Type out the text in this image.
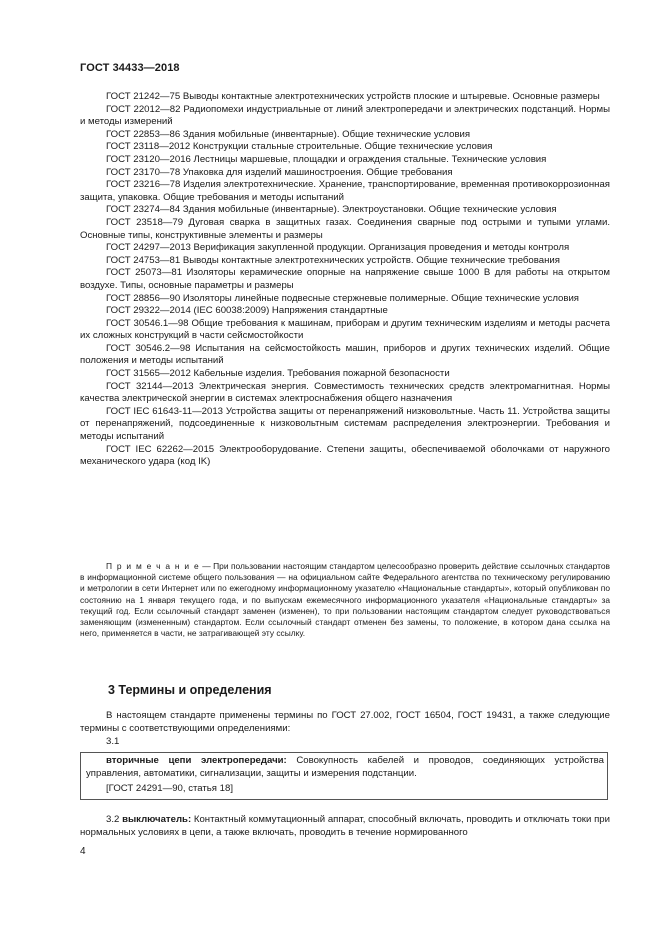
ГОСТ 34433—2018

ГОСТ 21242—75 Выводы контактные электротехнических устройств плоские и штыревые. Основные размеры

ГОСТ 22012—82 Радиопомехи индустриальные от линий электропередачи и электрических подстанций. Нормы и методы измерений

ГОСТ 22853—86 Здания мобильные (инвентарные). Общие технические условия

ГОСТ 23118—2012 Конструкции стальные строительные. Общие технические условия

ГОСТ 23120—2016 Лестницы маршевые, площадки и ограждения стальные. Технические условия

ГОСТ 23170—78 Упаковка для изделий машиностроения. Общие требования

ГОСТ 23216—78 Изделия электротехнические. Хранение, транспортирование, временная противокоррозионная защита, упаковка. Общие требования и методы испытаний

ГОСТ 23274—84 Здания мобильные (инвентарные). Электроустановки. Общие технические условия

ГОСТ 23518—79 Дуговая сварка в защитных газах. Соединения сварные под острыми и тупыми углами. Основные типы, конструктивные элементы и размеры

ГОСТ 24297—2013 Верификация закупленной продукции. Организация проведения и методы контроля

ГОСТ 24753—81 Выводы контактные электротехнических устройств. Общие технические требования

ГОСТ 25073—81 Изоляторы керамические опорные на напряжение свыше 1000 В для работы на открытом воздухе. Типы, основные параметры и размеры

ГОСТ 28856—90 Изоляторы линейные подвесные стержневые полимерные. Общие технические условия

ГОСТ 29322—2014 (IEC 60038:2009) Напряжения стандартные

ГОСТ 30546.1—98 Общие требования к машинам, приборам и другим техническим изделиям и методы расчета их сложных конструкций в части сейсмостойкости

ГОСТ 30546.2—98 Испытания на сейсмостойкость машин, приборов и других технических изделий. Общие положения и методы испытаний

ГОСТ 31565—2012 Кабельные изделия. Требования пожарной безопасности

ГОСТ 32144—2013 Электрическая энергия. Совместимость технических средств электромагнитная. Нормы качества электрической энергии в системах электроснабжения общего назначения

ГОСТ IEC 61643-11—2013 Устройства защиты от перенапряжений низковольтные. Часть 11. Устройства защиты от перенапряжений, подсоединенные к низковольтным системам распределения электроэнергии. Требования и методы испытаний

ГОСТ IEC 62262—2015 Электрооборудование. Степени защиты, обеспечиваемой оболочками от наружного механического удара (код IK)

П р и м е ч а н и е — При пользовании настоящим стандартом целесообразно проверить действие ссылочных стандартов в информационной системе общего пользования — на официальном сайте Федерального агентства по техническому регулированию и метрологии в сети Интернет или по ежегодному информационному указателю «Национальные стандарты», который опубликован по состоянию на 1 января текущего года, и по выпускам ежемесячного информационного указателя «Национальные стандарты» за текущий год. Если ссылочный стандарт заменен (изменен), то при пользовании настоящим стандартом следует руководствоваться заменяющим (измененным) стандартом. Если ссылочный стандарт отменен без замены, то положение, в котором дана ссылка на него, применяется в части, не затрагивающей эту ссылку.

3 Термины и определения

В настоящем стандарте применены термины по ГОСТ 27.002, ГОСТ 16504, ГОСТ 19431, а также следующие термины с соответствующими определениями:

3.1

вторичные цепи электропередачи: Совокупность кабелей и проводов, соединяющих устройства управления, автоматики, сигнализации, защиты и измерения подстанции.

[ГОСТ 24291—90, статья 18]

3.2 выключатель: Контактный коммутационный аппарат, способный включать, проводить и отключать токи при нормальных условиях в цепи, а также включать, проводить в течение нормированного

4
